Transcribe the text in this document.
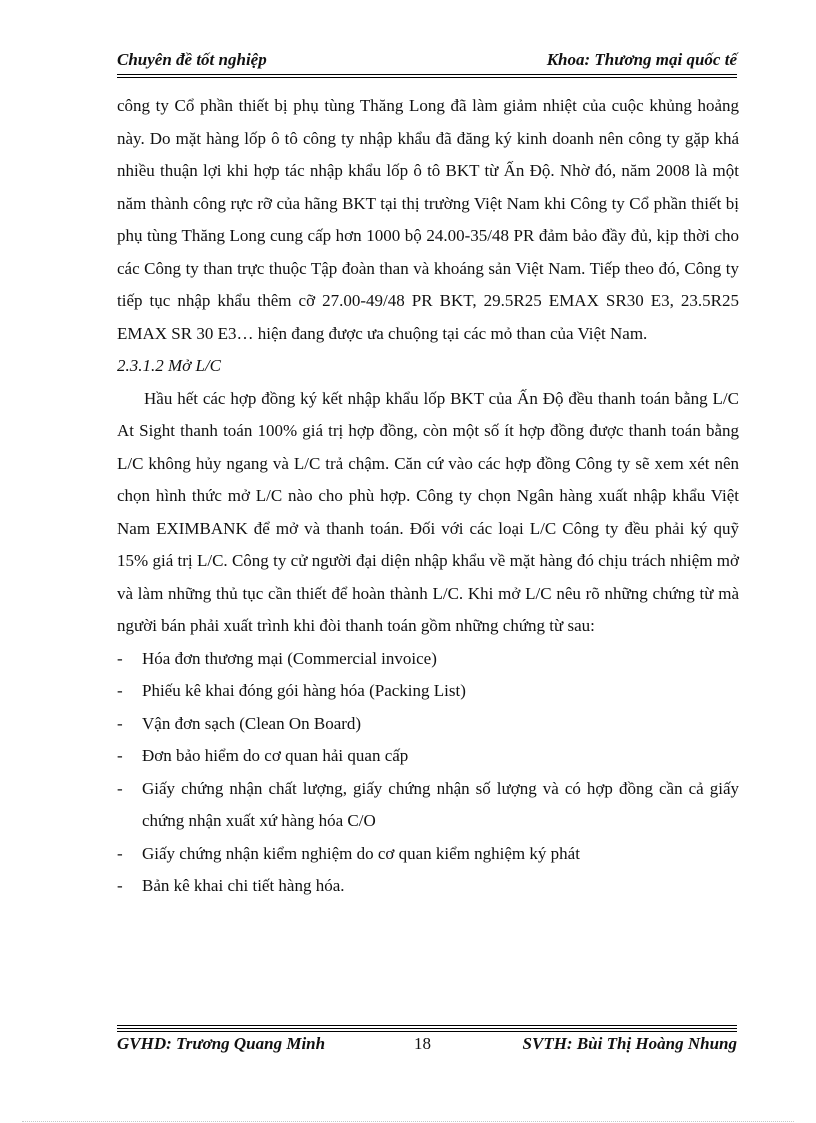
Chuyên đề tốt nghiệp	Khoa: Thương mại quốc tế

công ty Cổ phần thiết bị phụ tùng Thăng Long đã làm giảm nhiệt của cuộc khủng hoảng này. Do mặt hàng lốp ô tô công ty nhập khẩu đã đăng ký kinh doanh nên công ty gặp khá nhiều thuận lợi khi hợp tác nhập khẩu lốp ô tô BKT từ Ấn Độ. Nhờ đó, năm 2008 là một năm thành công rực rỡ của hãng BKT tại thị trường Việt Nam khi Công ty Cổ phần thiết bị phụ tùng Thăng Long cung cấp hơn 1000 bộ 24.00-35/48 PR đảm bảo đầy đủ, kịp thời cho các Công ty than trực thuộc Tập đoàn than và khoáng sản Việt Nam. Tiếp theo đó, Công ty tiếp tục nhập khẩu thêm cỡ 27.00-49/48 PR BKT, 29.5R25 EMAX SR30 E3, 23.5R25 EMAX SR 30 E3… hiện đang được ưa chuộng tại các mỏ than của Việt Nam.

2.3.1.2 Mở L/C

Hầu hết các hợp đồng ký kết nhập khẩu lốp BKT của Ấn Độ đều thanh toán bằng L/C At Sight thanh toán 100% giá trị hợp đồng, còn một số ít hợp đồng được thanh toán bằng L/C không hủy ngang và L/C trả chậm. Căn cứ vào các hợp đồng Công ty sẽ xem xét nên chọn hình thức mở L/C nào cho phù hợp. Công ty chọn Ngân hàng xuất nhập khẩu Việt Nam EXIMBANK để mở và thanh toán. Đối với các loại L/C Công ty đều phải ký quỹ 15% giá trị L/C. Công ty cử người đại diện nhập khẩu về mặt hàng đó chịu trách nhiệm mở và làm những thủ tục cần thiết để hoàn thành L/C. Khi mở L/C nêu rõ những chứng từ mà người bán phải xuất trình khi đòi thanh toán gồm những chứng từ sau:

- Hóa đơn thương mại (Commercial invoice)
- Phiếu kê khai đóng gói hàng hóa (Packing List)
- Vận đơn sạch (Clean On Board)
- Đơn bảo hiểm do cơ quan hải quan cấp
- Giấy chứng nhận chất lượng, giấy chứng nhận số lượng và có hợp đồng cần cả giấy chứng nhận xuất xứ hàng hóa C/O
- Giấy chứng nhận kiểm nghiệm do cơ quan kiểm nghiệm ký phát
- Bản kê khai chi tiết hàng hóa.
GVHD: Trương Quang Minh	18	SVTH: Bùi Thị Hoàng Nhung
